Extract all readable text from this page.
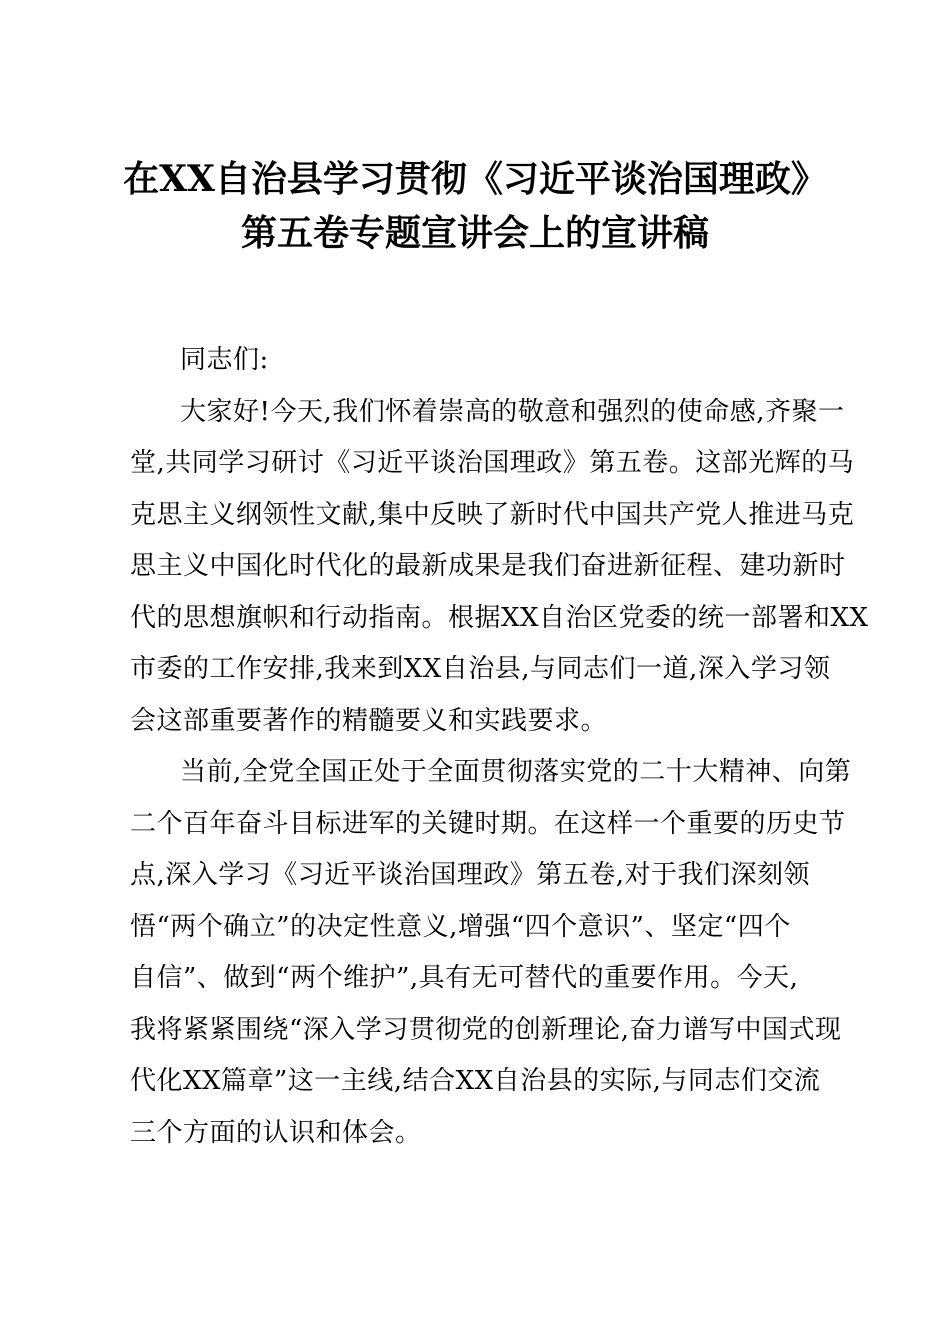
在XX自治县学习贯彻《习近平谈治国理政》
第五卷专题宣讲会上的宣讲稿
同志们:
大家好!今天,我们怀着崇高的敬意和强烈的使命感,齐聚一
堂,共同学习研讨《习近平谈治国理政》第五卷。这部光辉的马
克思主义纲领性文献,集中反映了新时代中国共产党人推进马克
思主义中国化时代化的最新成果是我们奋进新征程、建功新时
代的思想旗帜和行动指南。根据XX自治区党委的统一部署和XX
市委的工作安排,我来到XX自治县,与同志们一道,深入学习领
会这部重要著作的精髓要义和实践要求。
当前,全党全国正处于全面贯彻落实党的二十大精神、向第
二个百年奋斗目标进军的关键时期。在这样一个重要的历史节
点,深入学习《习近平谈治国理政》第五卷,对于我们深刻领
悟“两个确立”的决定性意义,增强“四个意识”、坚定“四个
自信”、做到“两个维护”,具有无可替代的重要作用。今天,
我将紧紧围绕“深入学习贯彻党的创新理论,奋力谱写中国式现
代化XX篇章”这一主线,结合XX自治县的实际,与同志们交流
三个方面的认识和体会。
